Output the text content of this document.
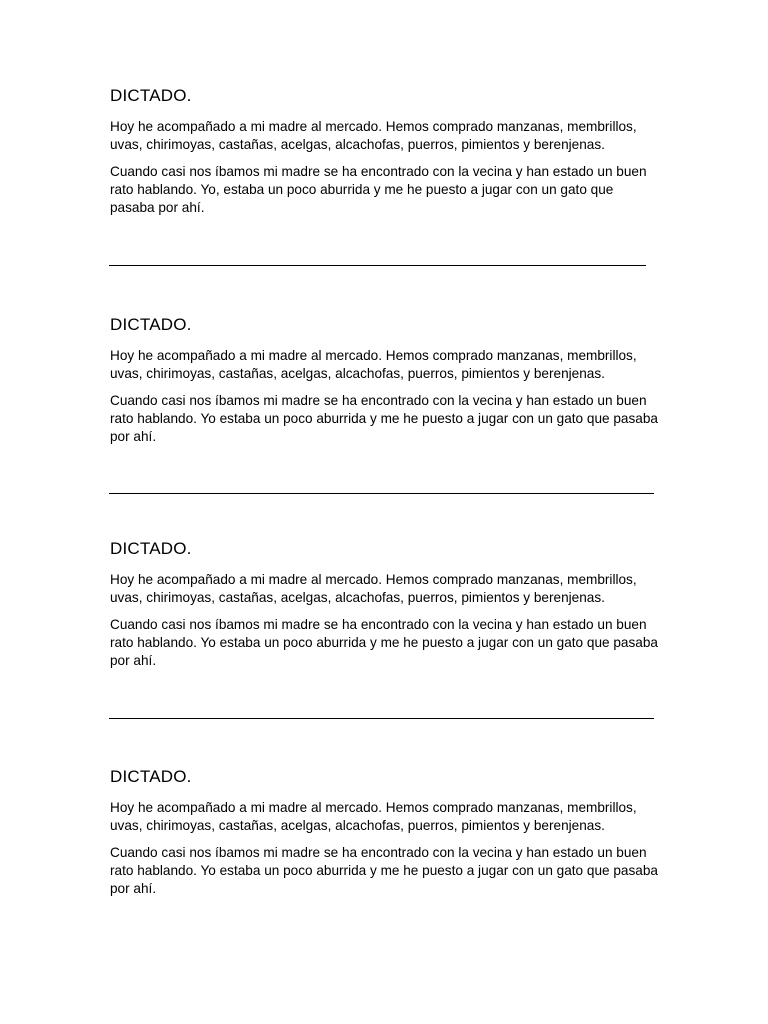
DICTADO.

Hoy he acompañado a mi madre al mercado. Hemos comprado manzanas, membrillos, uvas, chirimoyas, castañas, acelgas, alcachofas, puerros, pimientos y berenjenas.

Cuando casi nos íbamos mi madre se ha encontrado con la vecina y han estado un buen rato hablando. Yo, estaba un poco aburrida y me he puesto a jugar con un gato que pasaba por ahí.

DICTADO.

Hoy he acompañado a mi madre al mercado. Hemos comprado manzanas, membrillos, uvas, chirimoyas, castañas, acelgas, alcachofas, puerros, pimientos y berenjenas.

Cuando casi nos íbamos mi madre se ha encontrado con la vecina y han estado un buen rato hablando. Yo estaba un poco aburrida y me he puesto a jugar con un gato que pasaba por ahí.

DICTADO.

Hoy he acompañado a mi madre al mercado. Hemos comprado manzanas, membrillos, uvas, chirimoyas, castañas, acelgas, alcachofas, puerros, pimientos y berenjenas.

Cuando casi nos íbamos mi madre se ha encontrado con la vecina y han estado un buen rato hablando. Yo estaba un poco aburrida y me he puesto a jugar con un gato que pasaba por ahí.

DICTADO.

Hoy he acompañado a mi madre al mercado. Hemos comprado manzanas, membrillos, uvas, chirimoyas, castañas, acelgas, alcachofas, puerros, pimientos y berenjenas.

Cuando casi nos íbamos mi madre se ha encontrado con la vecina y han estado un buen rato hablando. Yo estaba un poco aburrida y me he puesto a jugar con un gato que pasaba por ahí.
